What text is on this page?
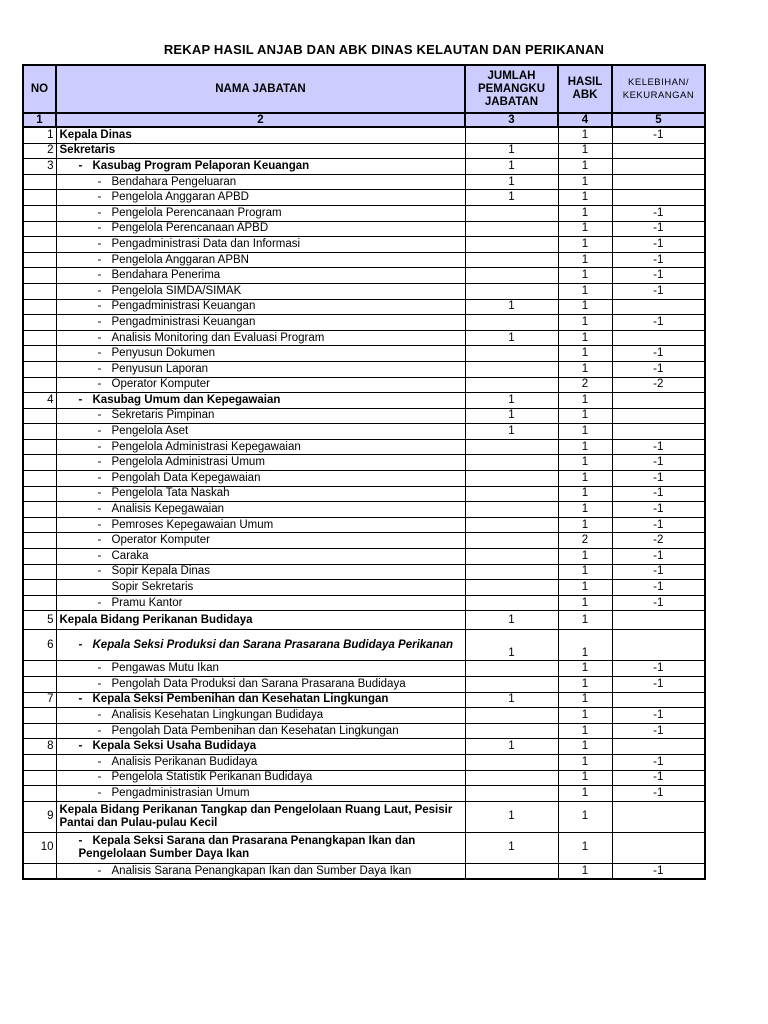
REKAP HASIL ANJAB DAN ABK DINAS KELAUTAN DAN PERIKANAN
NO	NAMA JABATAN	JUMLAH PEMANGKU JABATAN	HASIL ABK	KELEBIHAN/ KEKURANGAN
1	2	3	4	5
1	Kepala Dinas		1	-1
2	Sekretaris	1	1	
3	- Kasubag Program Pelaporan Keuangan	1	1	
	- Bendahara Pengeluaran	1	1	
	- Pengelola Anggaran APBD	1	1	
	- Pengelola Perencanaan Program		1	-1
	- Pengelola Perencanaan APBD		1	-1
	- Pengadministrasi Data dan Informasi		1	-1
	- Pengelola Anggaran APBN		1	-1
	- Bendahara Penerima		1	-1
	- Pengelola SIMDA/SIMAK		1	-1
	- Pengadministrasi Keuangan	1	1	
	- Pengadministrasi Keuangan		1	-1
	- Analisis Monitoring dan Evaluasi Program	1	1	
	- Penyusun Dokumen		1	-1
	- Penyusun Laporan		1	-1
	- Operator Komputer		2	-2
4	- Kasubag Umum dan Kepegawaian	1	1	
	- Sekretaris Pimpinan	1	1	
	- Pengelola Aset	1	1	
	- Pengelola Administrasi Kepegawaian		1	-1
	- Pengelola Administrasi Umum		1	-1
	- Pengolah Data Kepegawaian		1	-1
	- Pengelola Tata Naskah		1	-1
	- Analisis Kepegawaian		1	-1
	- Pemroses Kepegawaian Umum		1	-1
	- Operator Komputer		2	-2
	- Caraka		1	-1
	- Sopir Kepala Dinas		1	-1
	Sopir Sekretaris		1	-1
	- Pramu Kantor		1	-1
5	Kepala Bidang Perikanan Budidaya	1	1	
6	- Kepala Seksi Produksi dan Sarana Prasarana Budidaya Perikanan	1	1	
	- Pengawas Mutu Ikan		1	-1
	- Pengolah Data Produksi dan Sarana Prasarana Budidaya		1	-1
7	- Kepala Seksi Pembenihan dan Kesehatan Lingkungan	1	1	
	- Analisis Kesehatan Lingkungan Budidaya		1	-1
	- Pengolah Data Pembenihan dan Kesehatan Lingkungan		1	-1
8	- Kepala Seksi Usaha Budidaya	1	1	
	- Analisis Perikanan Budidaya		1	-1
	- Pengelola Statistik Perikanan Budidaya		1	-1
	- Pengadministrasian Umum		1	-1
9	Kepala Bidang Perikanan Tangkap dan Pengelolaan Ruang Laut, Pesisir Pantai dan Pulau-pulau Kecil	1	1	
10	- Kepala Seksi Sarana dan Prasarana Penangkapan Ikan dan Pengelolaan Sumber Daya Ikan	1	1	
	- Analisis Sarana Penangkapan Ikan dan Sumber Daya Ikan		1	-1
